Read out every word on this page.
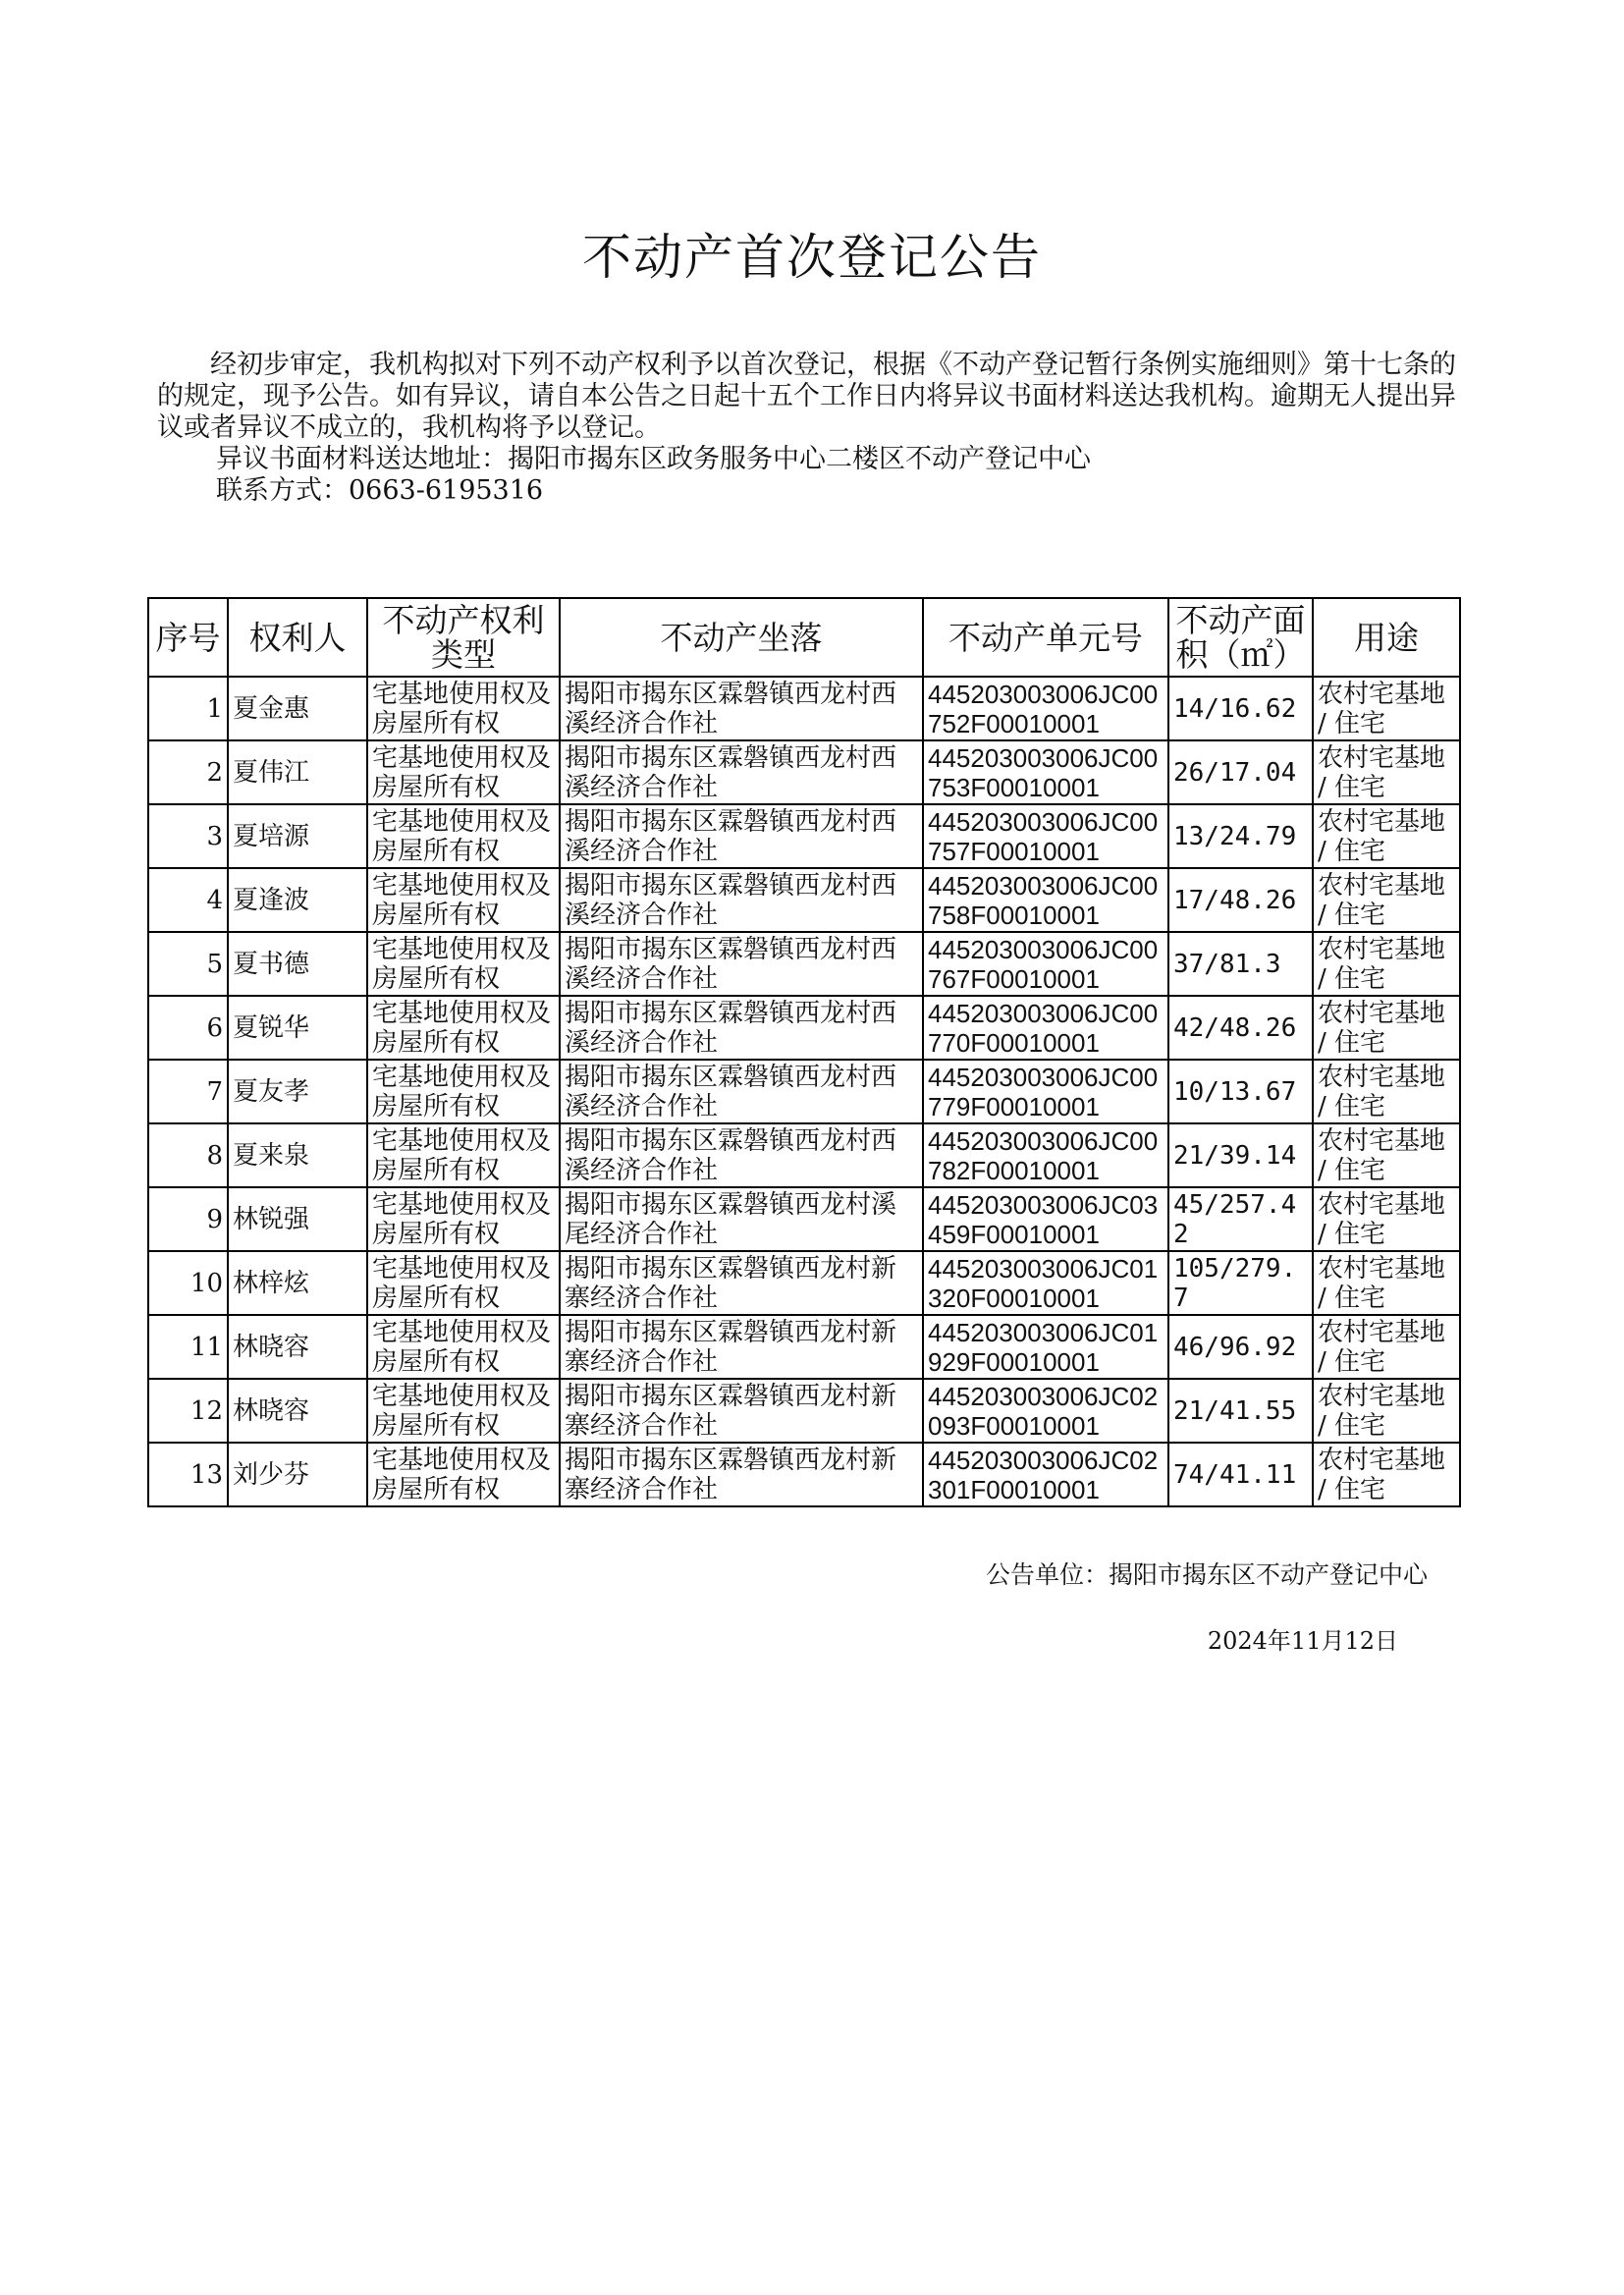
不动产首次登记公告

经初步审定，我机构拟对下列不动产权利予以首次登记，根据《不动产登记暂行条例实施细则》第十七条的的规定，现予公告。如有异议，请自本公告之日起十五个工作日内将异议书面材料送达我机构。逾期无人提出异议或者异议不成立的，我机构将予以登记。

异议书面材料送达地址：揭阳市揭东区政务服务中心二楼区不动产登记中心

联系方式：0663-6195316

序号	权利人	不动产权利类型	不动产坐落	不动产单元号	不动产面积（㎡）	用途
1	夏金惠	宅基地使用权及房屋所有权	揭阳市揭东区霖磐镇西龙村西溪经济合作社	445203003006JC00752F00010001	14/16.62	农村宅基地 / 住宅
2	夏伟江	宅基地使用权及房屋所有权	揭阳市揭东区霖磐镇西龙村西溪经济合作社	445203003006JC00753F00010001	26/17.04	农村宅基地 / 住宅
3	夏培源	宅基地使用权及房屋所有权	揭阳市揭东区霖磐镇西龙村西溪经济合作社	445203003006JC00757F00010001	13/24.79	农村宅基地 / 住宅
4	夏逢波	宅基地使用权及房屋所有权	揭阳市揭东区霖磐镇西龙村西溪经济合作社	445203003006JC00758F00010001	17/48.26	农村宅基地 / 住宅
5	夏书德	宅基地使用权及房屋所有权	揭阳市揭东区霖磐镇西龙村西溪经济合作社	445203003006JC00767F00010001	37/81.3	农村宅基地 / 住宅
6	夏锐华	宅基地使用权及房屋所有权	揭阳市揭东区霖磐镇西龙村西溪经济合作社	445203003006JC00770F00010001	42/48.26	农村宅基地 / 住宅
7	夏友孝	宅基地使用权及房屋所有权	揭阳市揭东区霖磐镇西龙村西溪经济合作社	445203003006JC00779F00010001	10/13.67	农村宅基地 / 住宅
8	夏来泉	宅基地使用权及房屋所有权	揭阳市揭东区霖磐镇西龙村西溪经济合作社	445203003006JC00782F00010001	21/39.14	农村宅基地 / 住宅
9	林锐强	宅基地使用权及房屋所有权	揭阳市揭东区霖磐镇西龙村溪尾经济合作社	445203003006JC03459F00010001	45/257.42	农村宅基地 / 住宅
10	林梓炫	宅基地使用权及房屋所有权	揭阳市揭东区霖磐镇西龙村新寨经济合作社	445203003006JC01320F00010001	105/279.7	农村宅基地 / 住宅
11	林晓容	宅基地使用权及房屋所有权	揭阳市揭东区霖磐镇西龙村新寨经济合作社	445203003006JC01929F00010001	46/96.92	农村宅基地 / 住宅
12	林晓容	宅基地使用权及房屋所有权	揭阳市揭东区霖磐镇西龙村新寨经济合作社	445203003006JC02093F00010001	21/41.55	农村宅基地 / 住宅
13	刘少芬	宅基地使用权及房屋所有权	揭阳市揭东区霖磐镇西龙村新寨经济合作社	445203003006JC02301F00010001	74/41.11	农村宅基地 / 住宅
公告单位：揭阳市揭东区不动产登记中心
2024年11月12日
